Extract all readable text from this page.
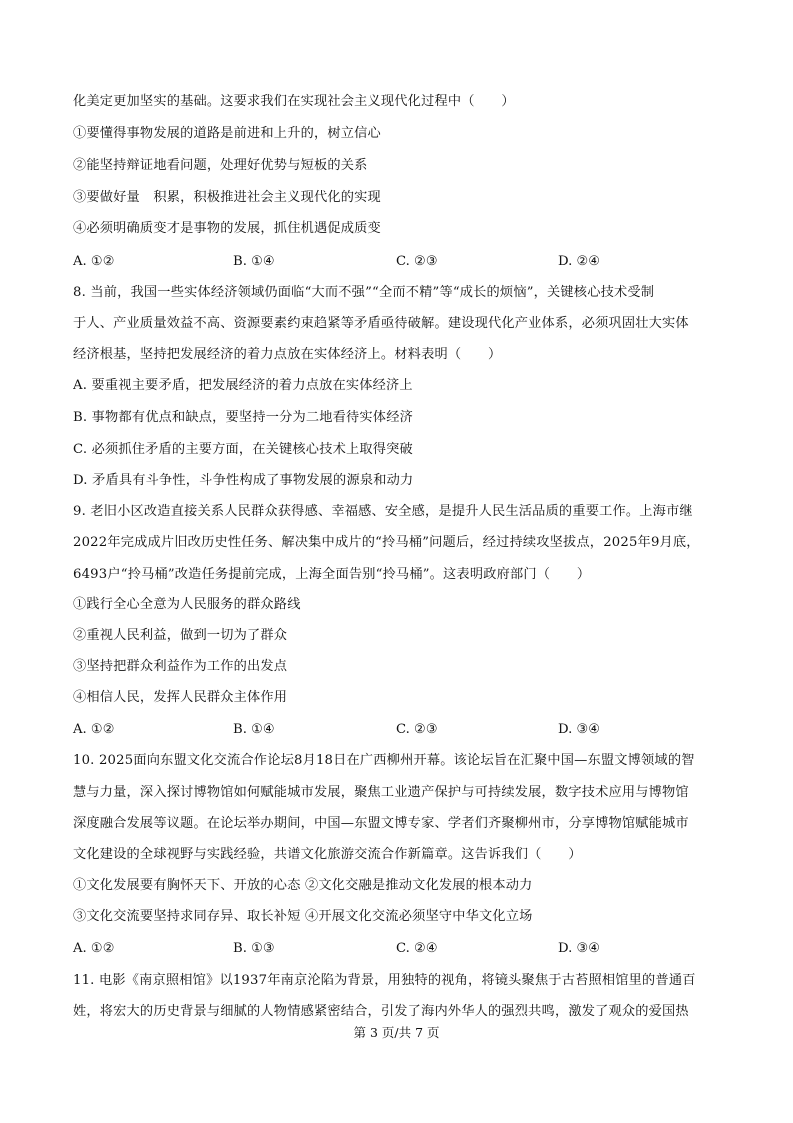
化美定更加坚实的基础。这要求我们在实现社会主义现代化过程中（　　）
①要懂得事物发展的道路是前进和上升的，树立信心
②能坚持辩证地看问题，处理好优势与短板的关系
③要做好量　积累，积极推进社会主义现代化的实现
④必须明确质变才是事物的发展，抓住机遇促成质变
A. ①②	B. ①④	C. ②③	D. ②④
8. 当前，我国一些实体经济领域仍面临“大而不强”“全而不精”等“成长的烦恼”，关键核心技术受制
于人、产业质量效益不高、资源要素约束趋紧等矛盾亟待破解。建设现代化产业体系，必须巩固壮大实体
经济根基，坚持把发展经济的着力点放在实体经济上。材料表明（　　）
A. 要重视主要矛盾，把发展经济的着力点放在实体经济上
B. 事物都有优点和缺点，要坚持一分为二地看待实体经济
C. 必须抓住矛盾的主要方面，在关键核心技术上取得突破
D. 矛盾具有斗争性，斗争性构成了事物发展的源泉和动力
9. 老旧小区改造直接关系人民群众获得感、幸福感、安全感，是提升人民生活品质的重要工作。上海市继
2022年完成成片旧改历史性任务、解决集中成片的“拎马桶”问题后，经过持续攻坚拔点，2025年9月底，
6493户“拎马桶”改造任务提前完成，上海全面告别“拎马桶”。这表明政府部门（　　）
①践行全心全意为人民服务的群众路线
②重视人民利益，做到一切为了群众
③坚持把群众利益作为工作的出发点
④相信人民，发挥人民群众主体作用
A. ①②	B. ①④	C. ②③	D. ③④
10. 2025面向东盟文化交流合作论坛8月18日在广西柳州开幕。该论坛旨在汇聚中国—东盟文博领域的智
慧与力量，深入探讨博物馆如何赋能城市发展，聚焦工业遗产保护与可持续发展，数字技术应用与博物馆
深度融合发展等议题。在论坛举办期间，中国—东盟文博专家、学者们齐聚柳州市，分享博物馆赋能城市
文化建设的全球视野与实践经验，共谱文化旅游交流合作新篇章。这告诉我们（　　）
①文化发展要有胸怀天下、开放的心态 ②文化交融是推动文化发展的根本动力
③文化交流要坚持求同存异、取长补短 ④开展文化交流必须坚守中华文化立场
A. ①②	B. ①③	C. ②④	D. ③④
11. 电影《南京照相馆》以1937年南京沦陷为背景，用独特的视角，将镜头聚焦于古苔照相馆里的普通百
姓，将宏大的历史背景与细腻的人物情感紧密结合，引发了海内外华人的强烈共鸣，激发了观众的爱国热
第 3 页/共 7 页
